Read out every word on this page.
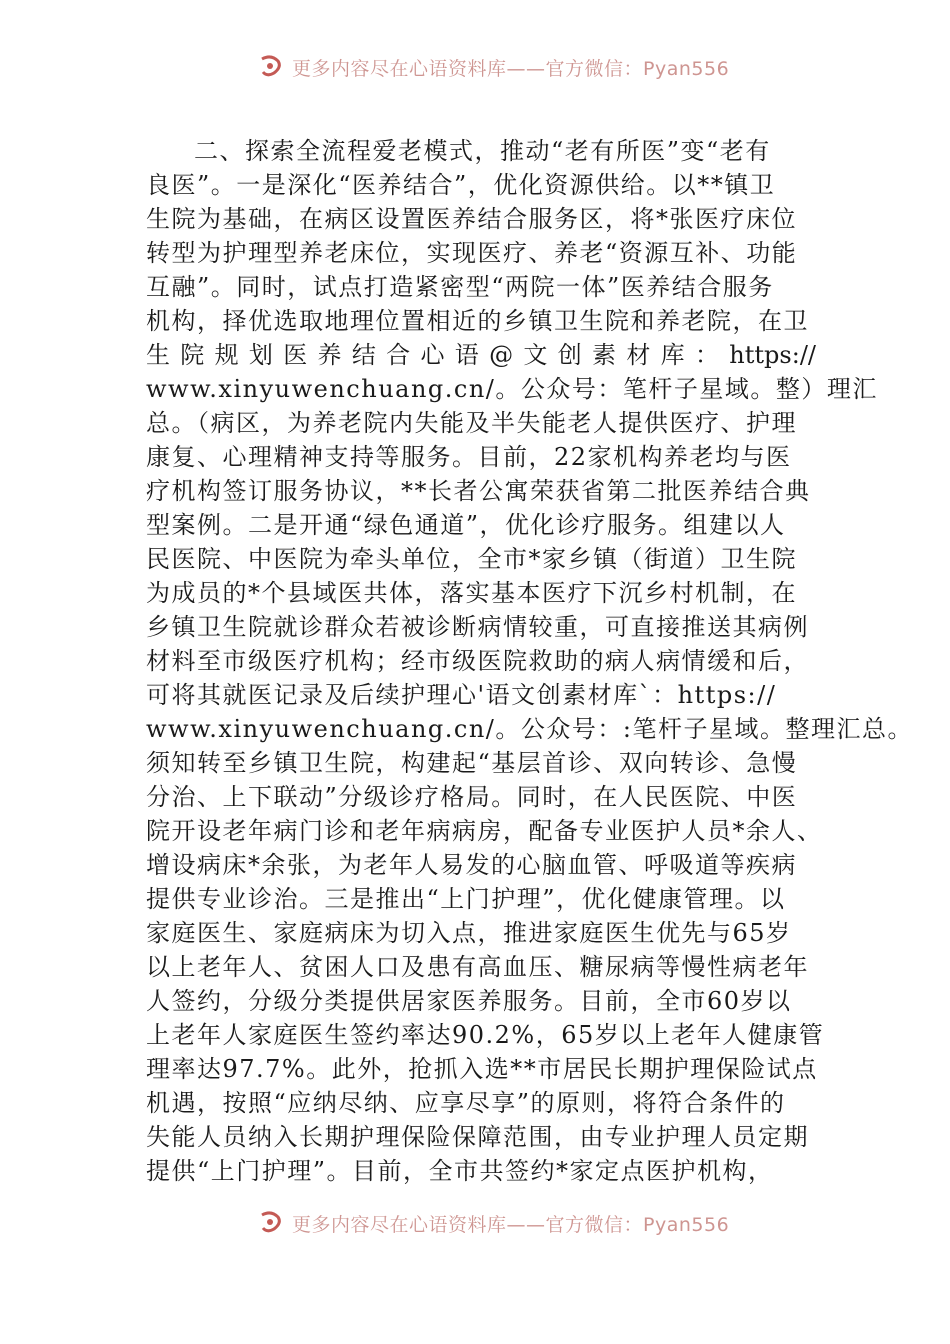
更多内容尽在心语资料库——官方微信：Pyan556
二、探索全流程爱老模式，推动“老有所医”变“老有
良医”。一是深化“医养结合”，优化资源供给。以**镇卫
生院为基础，在病区设置医养结合服务区，将*张医疗床位
转型为护理型养老床位，实现医疗、养老“资源互补、功能
互融”。同时，试点打造紧密型“两院一体”医养结合服务
机构，择优选取地理位置相近的乡镇卫生院和养老院，在卫
生院规划医养结合心语@文创素材库：https://
www.xinyuwenchuang.cn/。公众号：笔杆子星域。整）理汇
总。（病区，为养老院内失能及半失能老人提供医疗、护理
康复、心理精神支持等服务。目前，22家机构养老均与医
疗机构签订服务协议，**长者公寓荣获省第二批医养结合典
型案例。二是开通“绿色通道”，优化诊疗服务。组建以人
民医院、中医院为牵头单位，全市*家乡镇（街道）卫生院
为成员的*个县域医共体，落实基本医疗下沉乡村机制，在
乡镇卫生院就诊群众若被诊断病情较重，可直接推送其病例
材料至市级医疗机构；经市级医院救助的病人病情缓和后，
可将其就医记录及后续护理心'语文创素材库`：https://
www.xinyuwenchuang.cn/。公众号：:笔杆子星域。整理汇总。
须知转至乡镇卫生院，构建起“基层首诊、双向转诊、急慢
分治、上下联动”分级诊疗格局。同时，在人民医院、中医
院开设老年病门诊和老年病病房，配备专业医护人员*余人、
增设病床*余张，为老年人易发的心脑血管、呼吸道等疾病
提供专业诊治。三是推出“上门护理”，优化健康管理。以
家庭医生、家庭病床为切入点，推进家庭医生优先与65岁
以上老年人、贫困人口及患有高血压、糖尿病等慢性病老年
人签约，分级分类提供居家医养服务。目前，全市60岁以
上老年人家庭医生签约率达90.2%，65岁以上老年人健康管
理率达97.7%。此外，抢抓入选**市居民长期护理保险试点
机遇，按照“应纳尽纳、应享尽享”的原则，将符合条件的
失能人员纳入长期护理保险保障范围，由专业护理人员定期
提供“上门护理”。目前，全市共签约*家定点医护机构，
更多内容尽在心语资料库——官方微信：Pyan556
